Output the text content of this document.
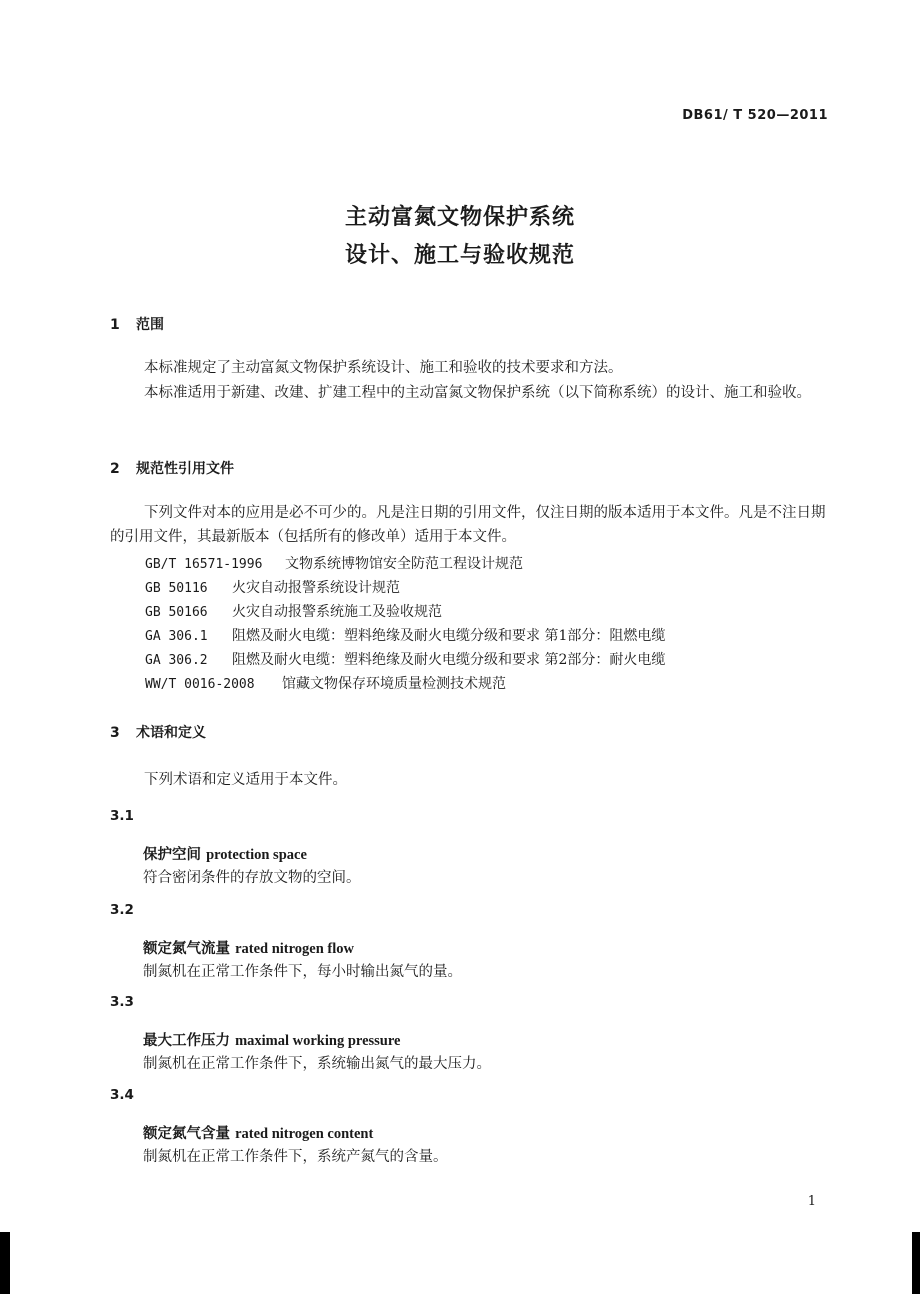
DB61/ T 520—2011
主动富氮文物保护系统
设计、施工与验收规范
1 范围
本标准规定了主动富氮文物保护系统设计、施工和验收的技术要求和方法。
本标准适用于新建、改建、扩建工程中的主动富氮文物保护系统（以下简称系统）的设计、施工和验收。
2 规范性引用文件
下列文件对本的应用是必不可少的。凡是注日期的引用文件，仅注日期的版本适用于本文件。凡是不注日期的引用文件，其最新版本（包括所有的修改单）适用于本文件。
GB/T 16571-1996 文物系统博物馆安全防范工程设计规范
GB 50116 火灾自动报警系统设计规范
GB 50166 火灾自动报警系统施工及验收规范
GA 306.1 阻燃及耐火电缆：塑料绝缘及耐火电缆分级和要求 第1部分：阻燃电缆
GA 306.2 阻燃及耐火电缆：塑料绝缘及耐火电缆分级和要求 第2部分：耐火电缆
WW/T 0016-2008 馆藏文物保存环境质量检测技术规范
3 术语和定义
下列术语和定义适用于本文件。
3.1
保护空间 protection space
符合密闭条件的存放文物的空间。
3.2
额定氮气流量 rated nitrogen flow
制氮机在正常工作条件下，每小时输出氮气的量。
3.3
最大工作压力 maximal working pressure
制氮机在正常工作条件下，系统输出氮气的最大压力。
3.4
额定氮气含量 rated nitrogen content
制氮机在正常工作条件下，系统产氮气的含量。
1
